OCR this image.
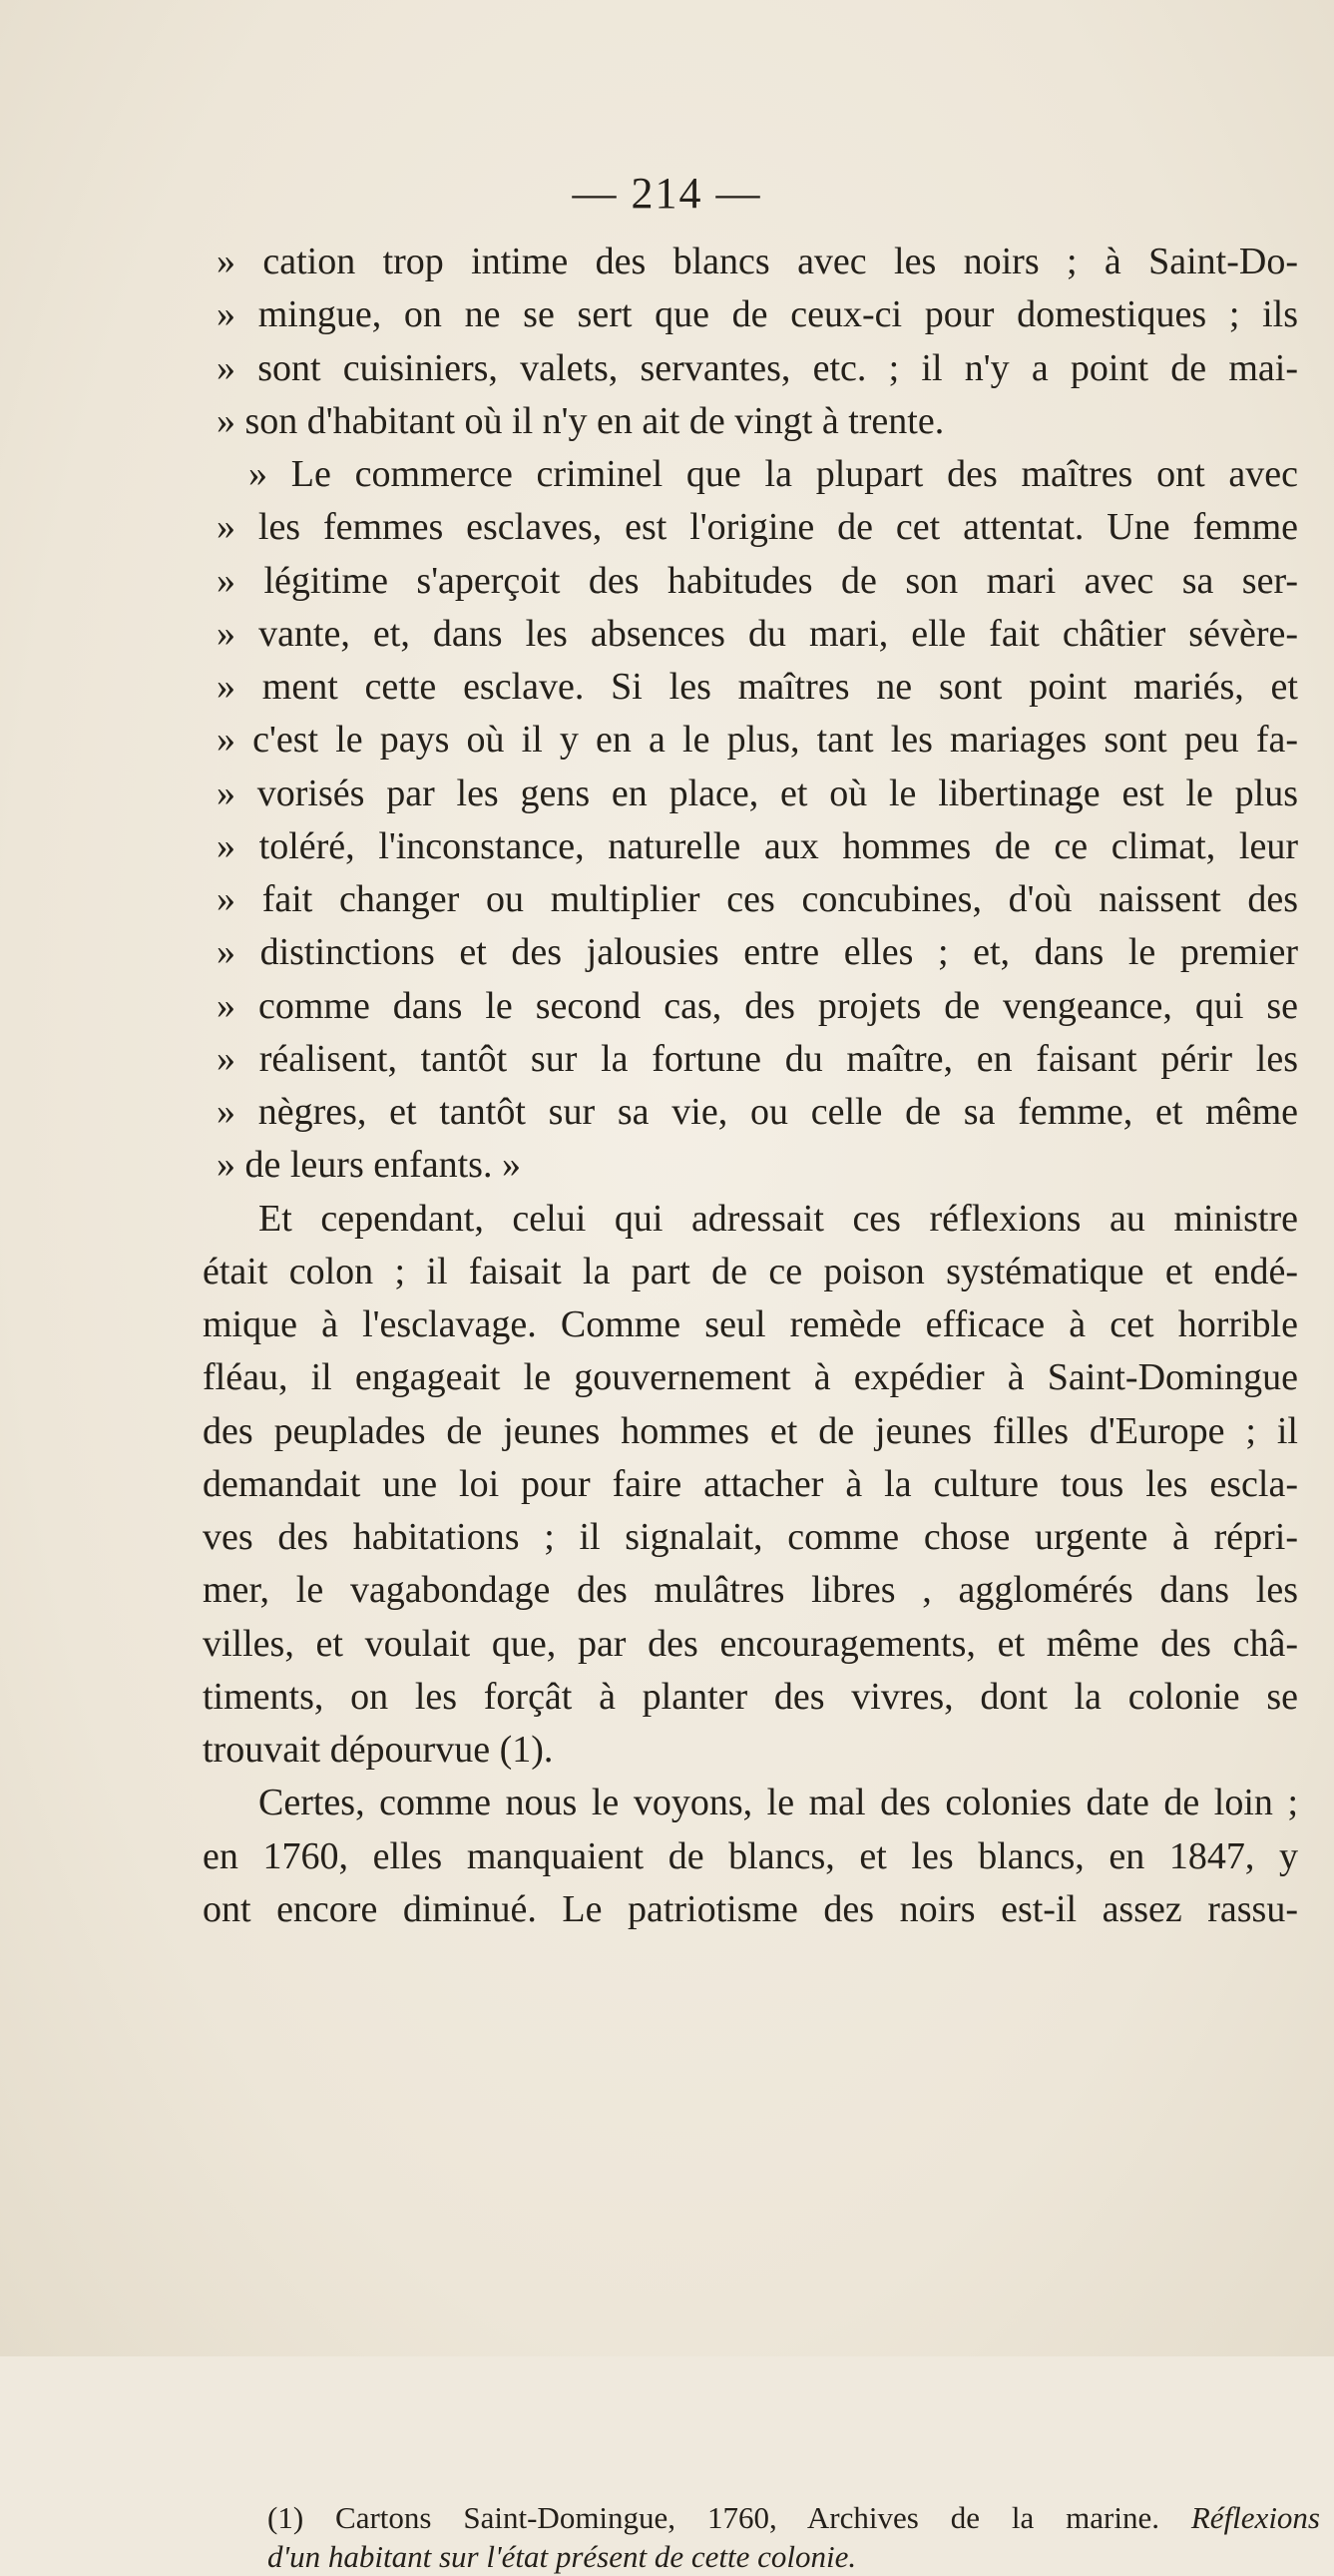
— 214 —
» cation trop intime des blancs avec les noirs ; à Saint-Do-
» mingue, on ne se sert que de ceux-ci pour domestiques ; ils
» sont cuisiniers, valets, servantes, etc. ; il n'y a point de mai-
» son d'habitant où il n'y en ait de vingt à trente.
» Le commerce criminel que la plupart des maîtres ont avec
» les femmes esclaves, est l'origine de cet attentat. Une femme
» légitime s'aperçoit des habitudes de son mari avec sa ser-
» vante, et, dans les absences du mari, elle fait châtier sévère-
» ment cette esclave. Si les maîtres ne sont point mariés, et
» c'est le pays où il y en a le plus, tant les mariages sont peu fa-
» vorisés par les gens en place, et où le libertinage est le plus
» toléré, l'inconstance, naturelle aux hommes de ce climat, leur
» fait changer ou multiplier ces concubines, d'où naissent des
» distinctions et des jalousies entre elles ; et, dans le premier
» comme dans le second cas, des projets de vengeance, qui se
» réalisent, tantôt sur la fortune du maître, en faisant périr les
» nègres, et tantôt sur sa vie, ou celle de sa femme, et même
» de leurs enfants. »
Et cependant, celui qui adressait ces réflexions au ministre
était colon ; il faisait la part de ce poison systématique et endé-
mique à l'esclavage. Comme seul remède efficace à cet horrible
fléau, il engageait le gouvernement à expédier à Saint-Domingue
des peuplades de jeunes hommes et de jeunes filles d'Europe ; il
demandait une loi pour faire attacher à la culture tous les escla-
ves des habitations ; il signalait, comme chose urgente à répri-
mer, le vagabondage des mulâtres libres , agglomérés dans les
villes, et voulait que, par des encouragements, et même des châ-
timents, on les forçât à planter des vivres, dont la colonie se
trouvait dépourvue (1).
Certes, comme nous le voyons, le mal des colonies date de loin ;
en 1760, elles manquaient de blancs, et les blancs, en 1847, y
ont encore diminué. Le patriotisme des noirs est-il assez rassu-
(1) Cartons Saint-Domingue, 1760, Archives de la marine. Réflexions
d'un habitant sur l'état présent de cette colonie.
